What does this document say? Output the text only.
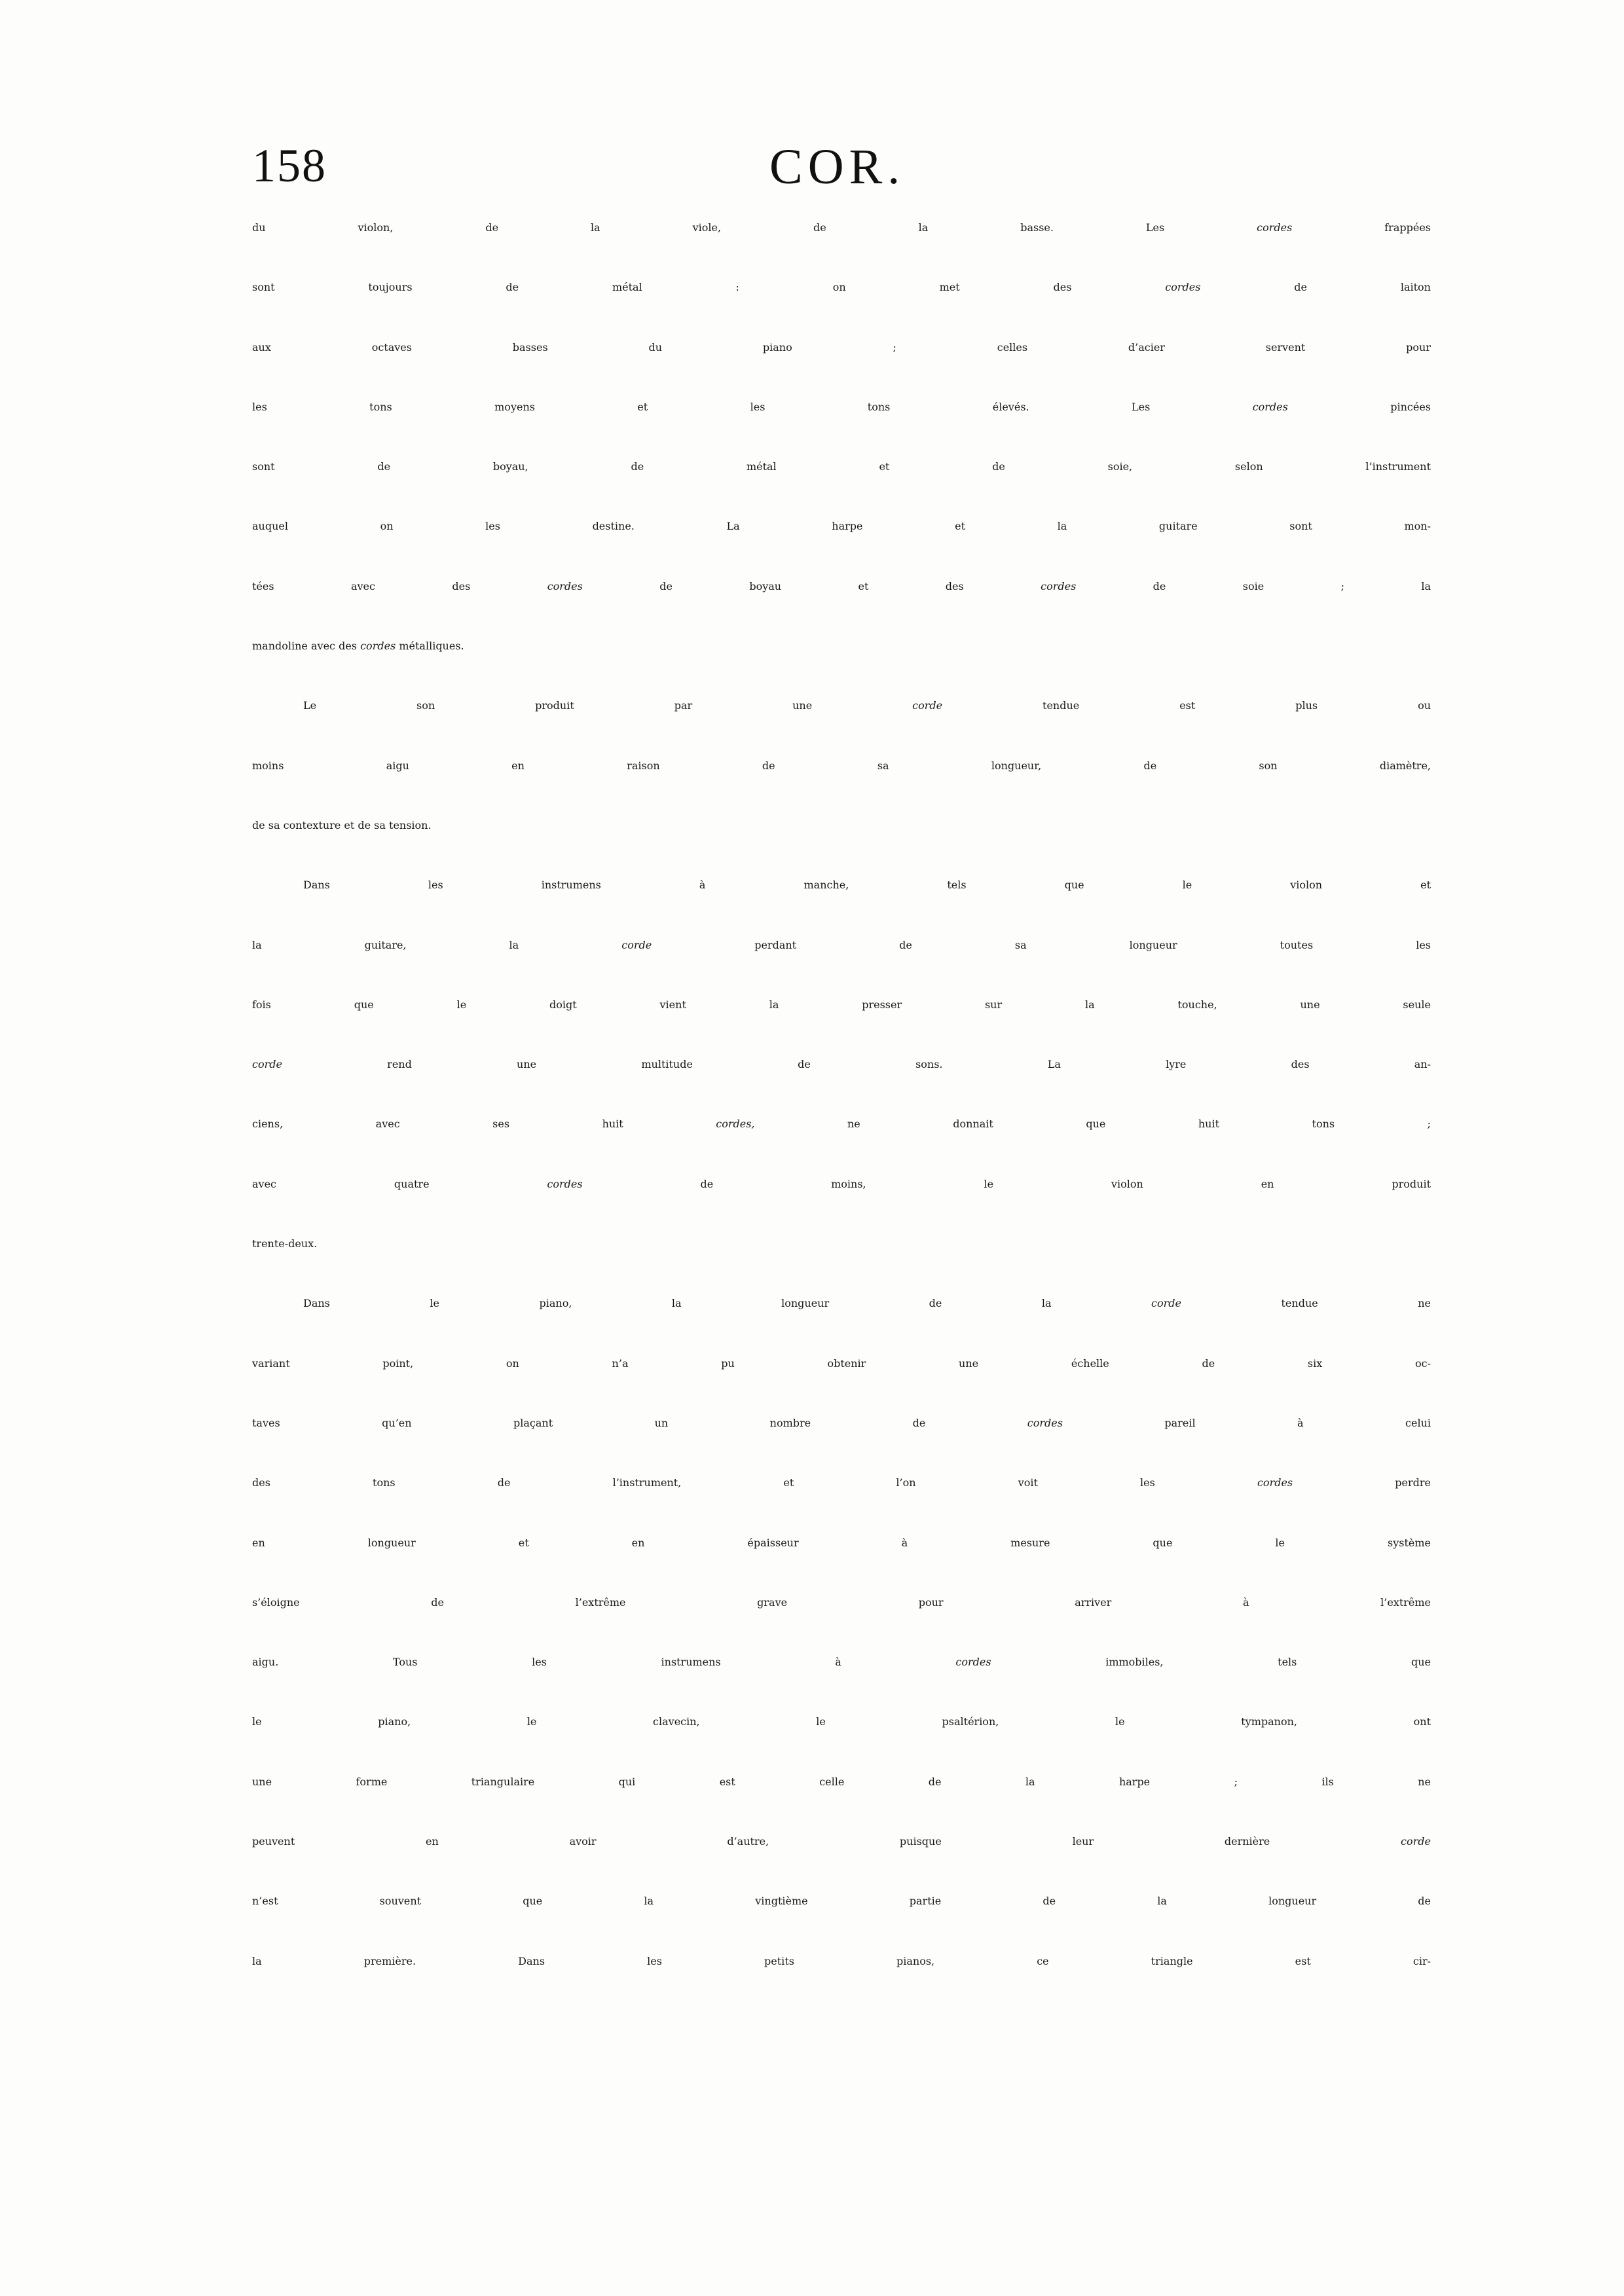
158	COR.
du violon, de la viole, de la basse. Les cordes frappées
sont toujours de métal : on met des cordes de laiton
aux octaves basses du piano ; celles d’acier servent pour
les tons moyens et les tons élevés. Les cordes pincées
sont de boyau, de métal et de soie, selon l’instrument
auquel on les destine. La harpe et la guitare sont mon-
tées avec des cordes de boyau et des cordes de soie ; la
mandoline avec des cordes métalliques.
Le son produit par une corde tendue est plus ou
moins aigu en raison de sa longueur, de son diamètre,
de sa contexture et de sa tension.
Dans les instrumens à manche, tels que le violon et
la guitare, la corde perdant de sa longueur toutes les
fois que le doigt vient la presser sur la touche, une seule
corde rend une multitude de sons. La lyre des an-
ciens, avec ses huit cordes, ne donnait que huit tons ;
avec quatre cordes de moins, le violon en produit
trente-deux.
Dans le piano, la longueur de la corde tendue ne
variant point, on n’a pu obtenir une échelle de six oc-
taves qu’en plaçant un nombre de cordes pareil à celui
des tons de l’instrument, et l’on voit les cordes perdre
en longueur et en épaisseur à mesure que le système
s’éloigne de l’extrême grave pour arriver à l’extrême
aigu. Tous les instrumens à cordes immobiles, tels que
le piano, le clavecin, le psaltérion, le tympanon, ont
une forme triangulaire qui est celle de la harpe ; ils ne
peuvent en avoir d’autre, puisque leur dernière corde
n’est souvent que la vingtième partie de la longueur de
la première. Dans les petits pianos, ce triangle est cir-
